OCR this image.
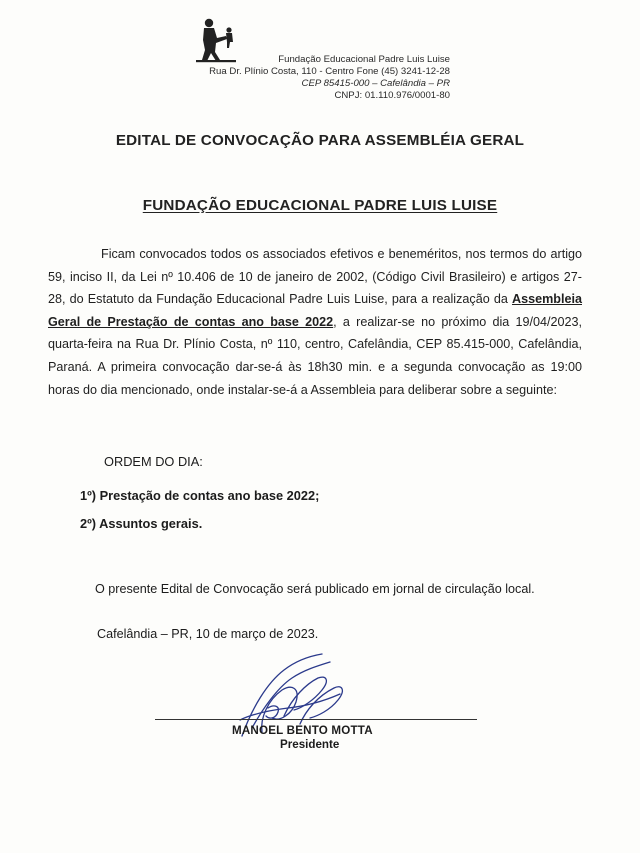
Fundação Educacional Padre Luis Luise
Rua Dr. Plínio Costa, 110 - Centro Fone (45) 3241-12-28
CEP 85415-000 – Cafelândia – PR
CNPJ: 01.110.976/0001-80
EDITAL DE CONVOCAÇÃO PARA ASSEMBLÉIA GERAL
FUNDAÇÃO EDUCACIONAL PADRE LUIS LUISE
Ficam convocados todos os associados efetivos e beneméritos, nos termos do artigo 59, inciso II, da Lei nº 10.406 de 10 de janeiro de 2002, (Código Civil Brasileiro) e artigos 27-28, do Estatuto da Fundação Educacional Padre Luis Luise, para a realização da Assembleia Geral de Prestação de contas ano base 2022, a realizar-se no próximo dia 19/04/2023, quarta-feira na Rua Dr. Plínio Costa, nº 110, centro, Cafelândia, CEP 85.415-000, Cafelândia, Paraná. A primeira convocação dar-se-á às 18h30 min. e a segunda convocação as 19:00 horas do dia mencionado, onde instalar-se-á a Assembleia para deliberar sobre a seguinte:
ORDEM DO DIA:
1º) Prestação de contas ano base 2022;
2º) Assuntos gerais.
O presente Edital de Convocação será publicado em jornal de circulação local.
Cafelândia – PR, 10 de março de 2023.
MANOEL BENTO MOTTA
Presidente
